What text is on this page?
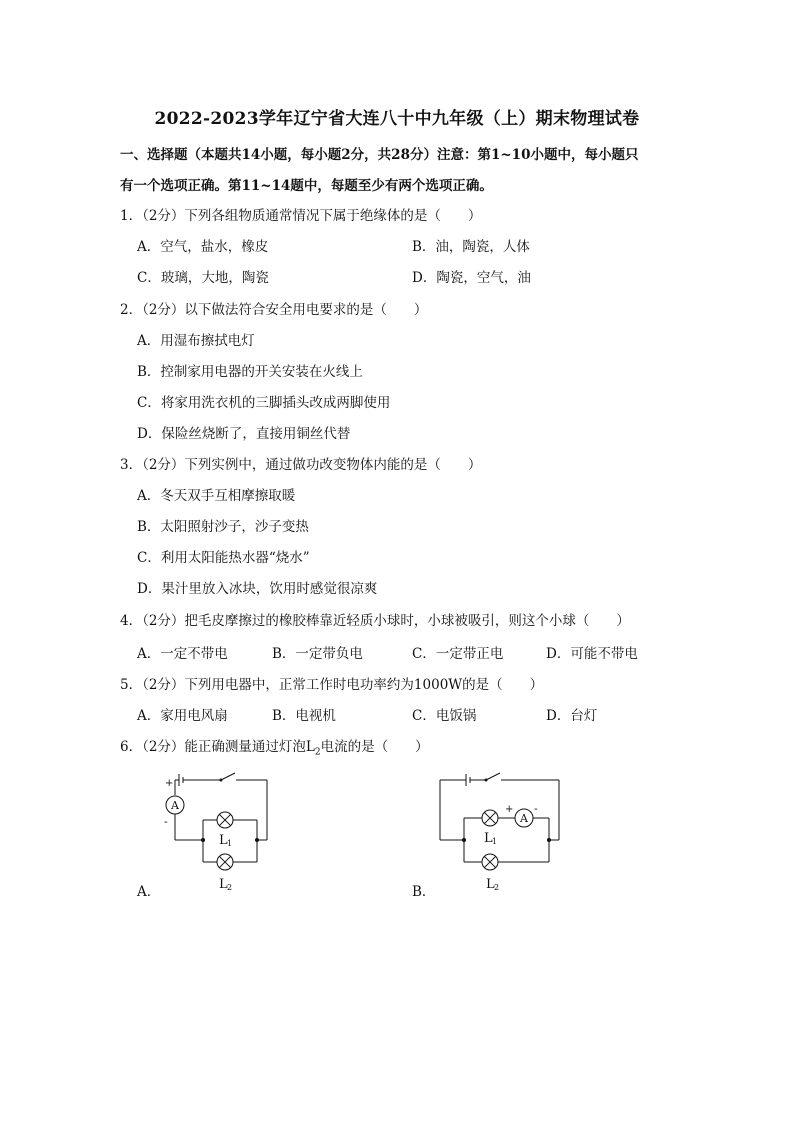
2022-2023学年辽宁省大连八十中九年级（上）期末物理试卷
一、选择题（本题共14小题，每小题2分，共28分）注意：第1~10小题中，每小题只
有一个选项正确。第11~14题中，每题至少有两个选项正确。
1．（2分）下列各组物质通常情况下属于绝缘体的是（　　）
A．空气，盐水，橡皮	B．油，陶瓷，人体
C．玻璃，大地，陶瓷	D．陶瓷，空气，油
2．（2分）以下做法符合安全用电要求的是（　　）
A．用湿布擦拭电灯
B．控制家用电器的开关安装在火线上
C．将家用洗衣机的三脚插头改成两脚使用
D．保险丝烧断了，直接用铜丝代替
3．（2分）下列实例中，通过做功改变物体内能的是（　　）
A．冬天双手互相摩擦取暖
B．太阳照射沙子，沙子变热
C．利用太阳能热水器“烧水”
D．果汁里放入冰块，饮用时感觉很凉爽
4．（2分）把毛皮摩擦过的橡胶棒靠近轻质小球时，小球被吸引，则这个小球（　　）
A．一定不带电	B．一定带负电	C．一定带正电	D．可能不带电
5．（2分）下列用电器中，正常工作时电功率约为1000W的是（　　）
A．家用电风扇	B．电视机	C．电饭锅	D．台灯
6．（2分）能正确测量通过灯泡$L_2$电流的是（　　）
A．	B．
A
+
-
L 1
L 2
A
+ -
L 1
L 2
